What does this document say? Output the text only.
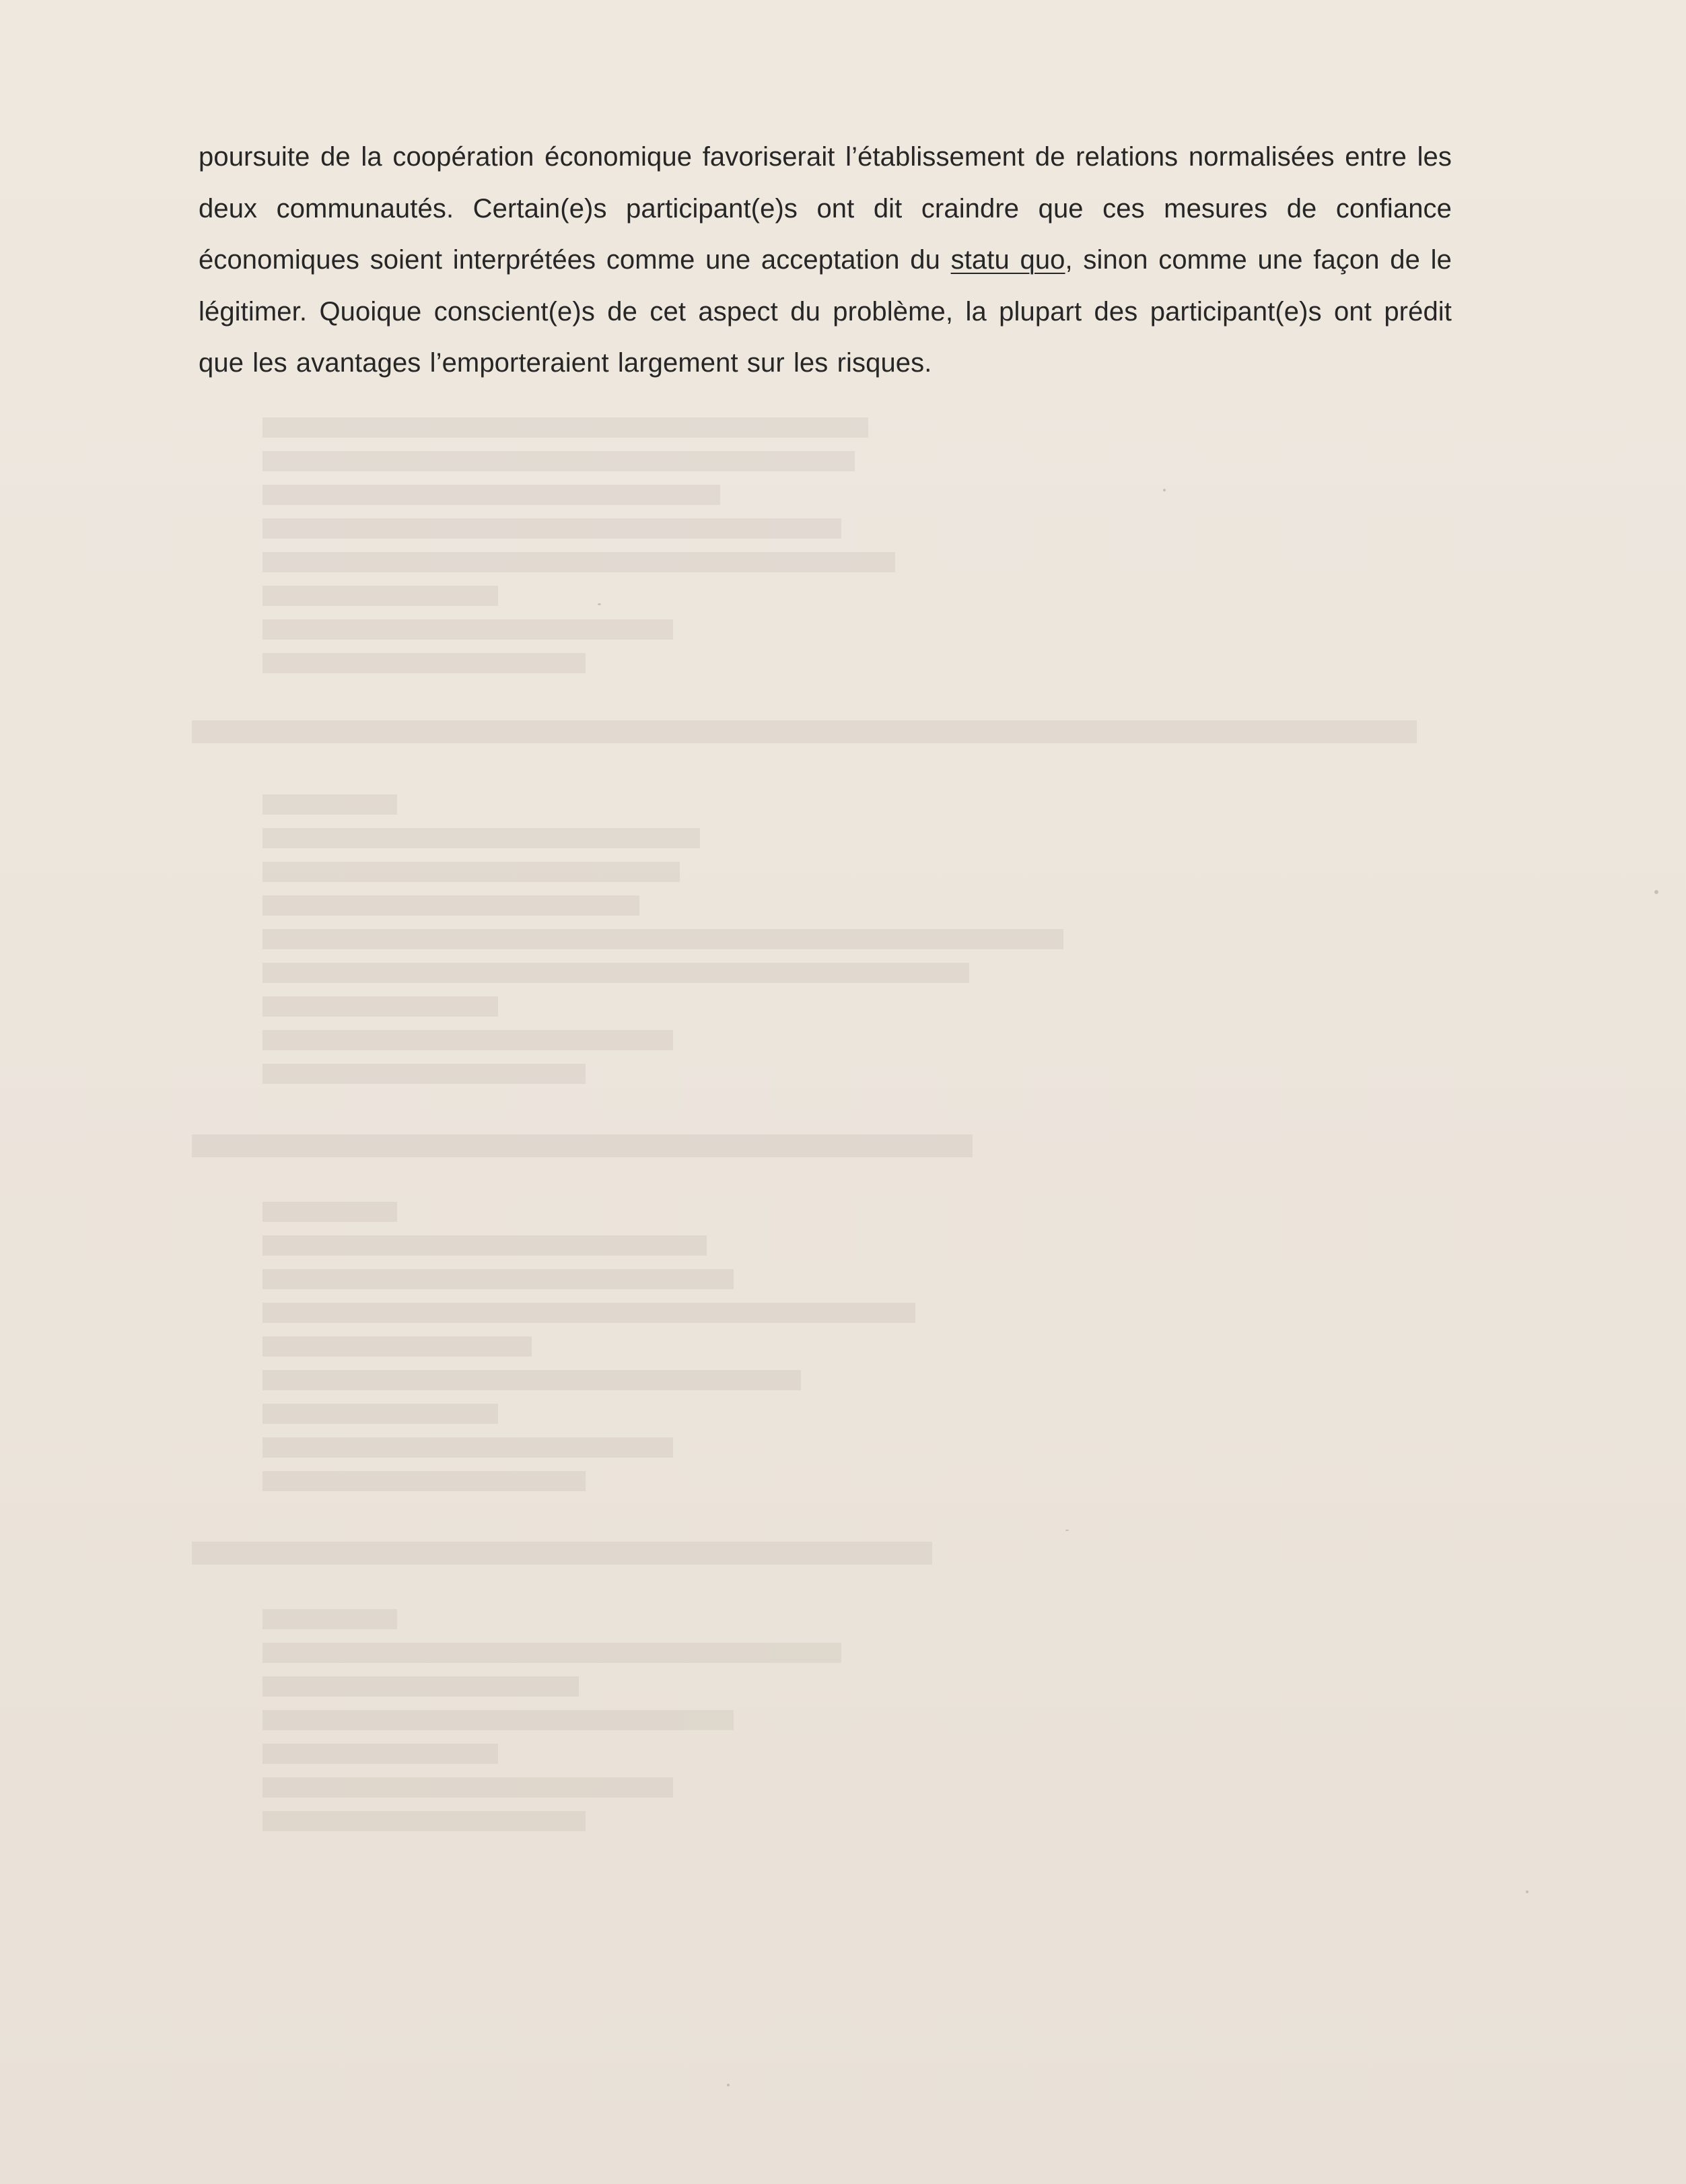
poursuite de la coopération économique favoriserait l’établissement de relations normalisées entre les deux communautés. Certain(e)s participant(e)s ont dit craindre que ces mesures de confiance économiques soient interprétées comme une acceptation du statu quo, sinon comme une façon de le légitimer. Quoique conscient(e)s de cet aspect du problème, la plupart des participant(e)s ont prédit que les avantages l’emporteraient largement sur les risques.
